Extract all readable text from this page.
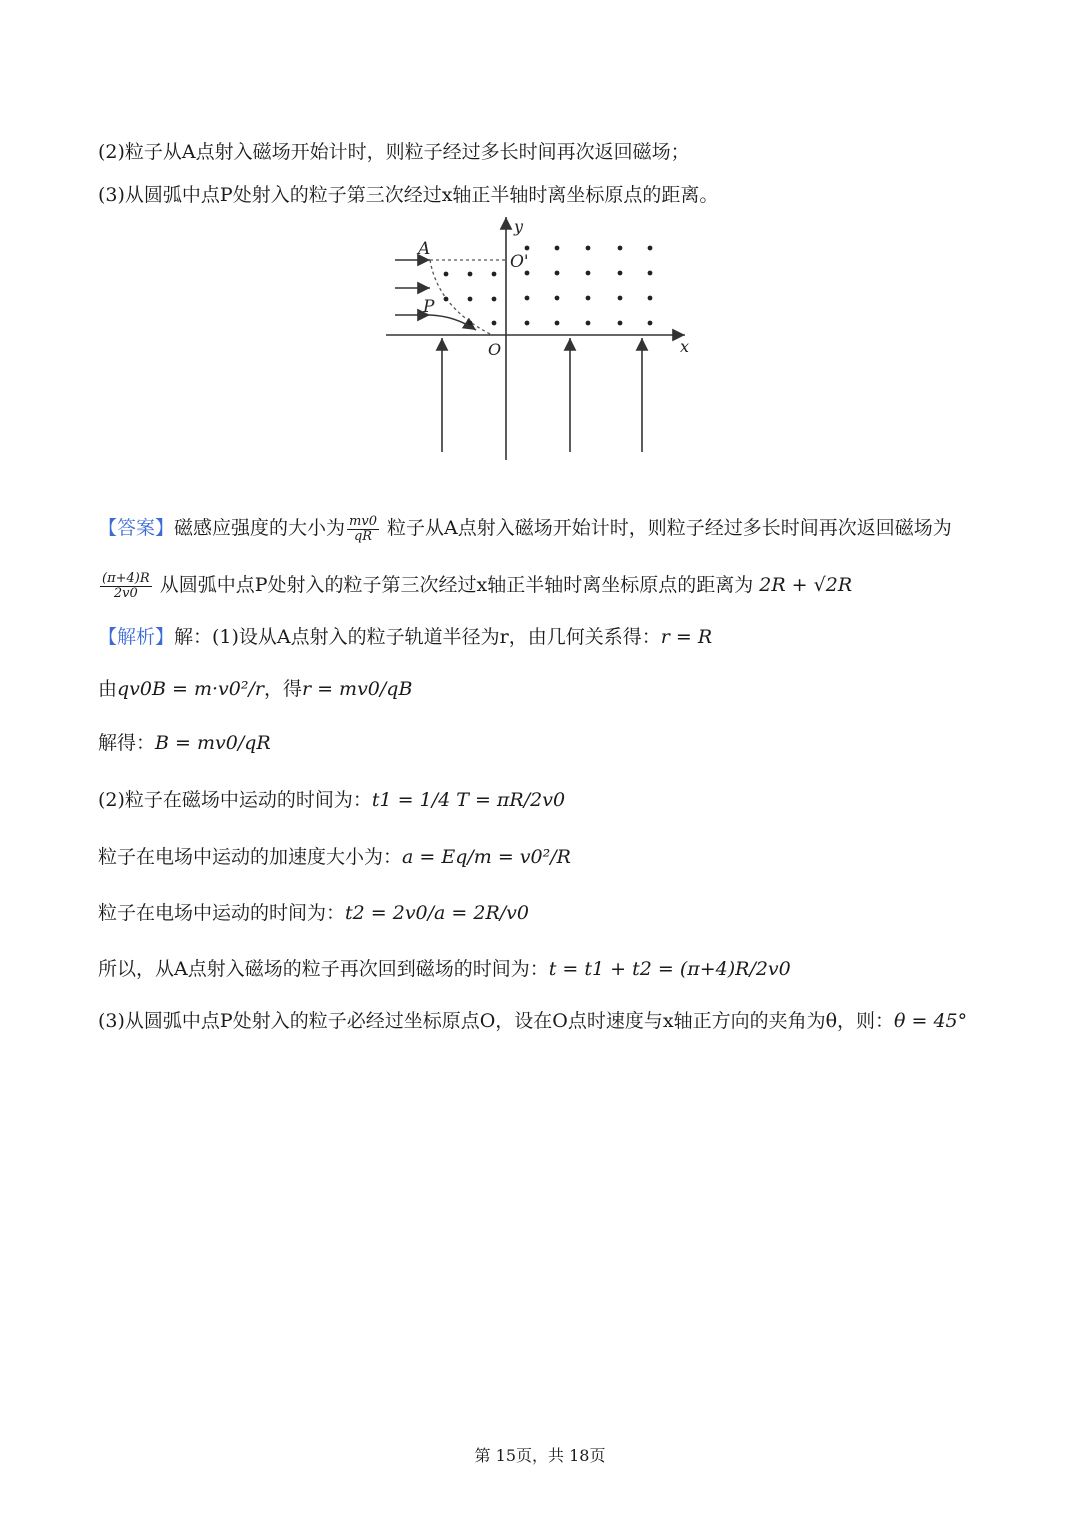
(2)粒子从A点射入磁场开始计时，则粒子经过多长时间再次返回磁场；
(3)从圆弧中点P处射入的粒子第三次经过x轴正半轴时离坐标原点的距离。
A
O'
P
O	x
y
【答案】磁感应强度的大小为 $\frac{mv0}{qR}$ 粒子从A点射入磁场开始计时，则粒子经过多长时间再次返回磁场为
$\frac{(\pi+4)R}{2v0}$ 从圆弧中点P处射入的粒子第三次经过x轴正半轴时离坐标原点的距离为 2R + √2R
【解析】解：(1)设从A点射入的粒子轨道半径为r，由几何关系得：r = R
由qv0B = m·v0²/r，得r = mv0/qB
解得：B = mv0/qR
(2)粒子在磁场中运动的时间为：t1 = 1/4 T = πR/2v0
粒子在电场中运动的加速度大小为：a = Eq/m = v0²/R
粒子在电场中运动的时间为：t2 = 2v0/a = 2R/v0
所以，从A点射入磁场的粒子再次回到磁场的时间为：t = t1 + t2 = (π+4)R/2v0
(3)从圆弧中点P处射入的粒子必经过坐标原点O，设在O点时速度与x轴正方向的夹角为θ，则：θ = 45°
第 15页，共 18页
